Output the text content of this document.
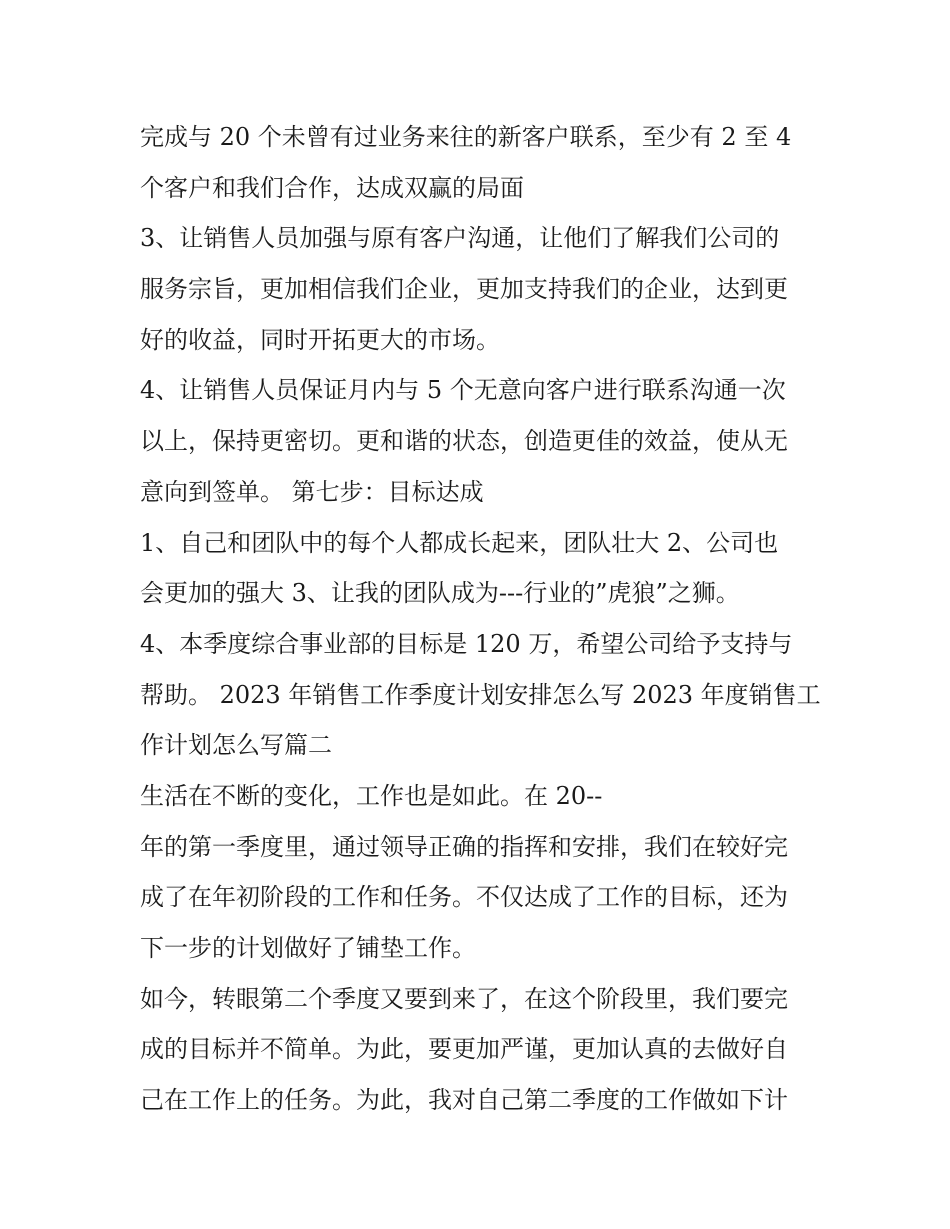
完成与 20 个未曾有过业务来往的新客户联系，至少有 2 至 4
个客户和我们合作，达成双赢的局面
3、让销售人员加强与原有客户沟通，让他们了解我们公司的
服务宗旨，更加相信我们企业，更加支持我们的企业，达到更
好的收益，同时开拓更大的市场。
4、让销售人员保证月内与 5 个无意向客户进行联系沟通一次
以上，保持更密切。更和谐的状态，创造更佳的效益，使从无
意向到签单。 第七步：目标达成
1、自己和团队中的每个人都成长起来，团队壮大 2、公司也
会更加的强大 3、让我的团队成为---行业的”虎狼”之狮。
4、本季度综合事业部的目标是 120 万，希望公司给予支持与
帮助。 2023 年销售工作季度计划安排怎么写 2023 年度销售工
作计划怎么写篇二
生活在不断的变化，工作也是如此。在 20--
年的第一季度里，通过领导正确的指挥和安排，我们在较好完
成了在年初阶段的工作和任务。不仅达成了工作的目标，还为
下一步的计划做好了铺垫工作。
如今，转眼第二个季度又要到来了，在这个阶段里，我们要完
成的目标并不简单。为此，要更加严谨，更加认真的去做好自
己在工作上的任务。为此，我对自己第二季度的工作做如下计
